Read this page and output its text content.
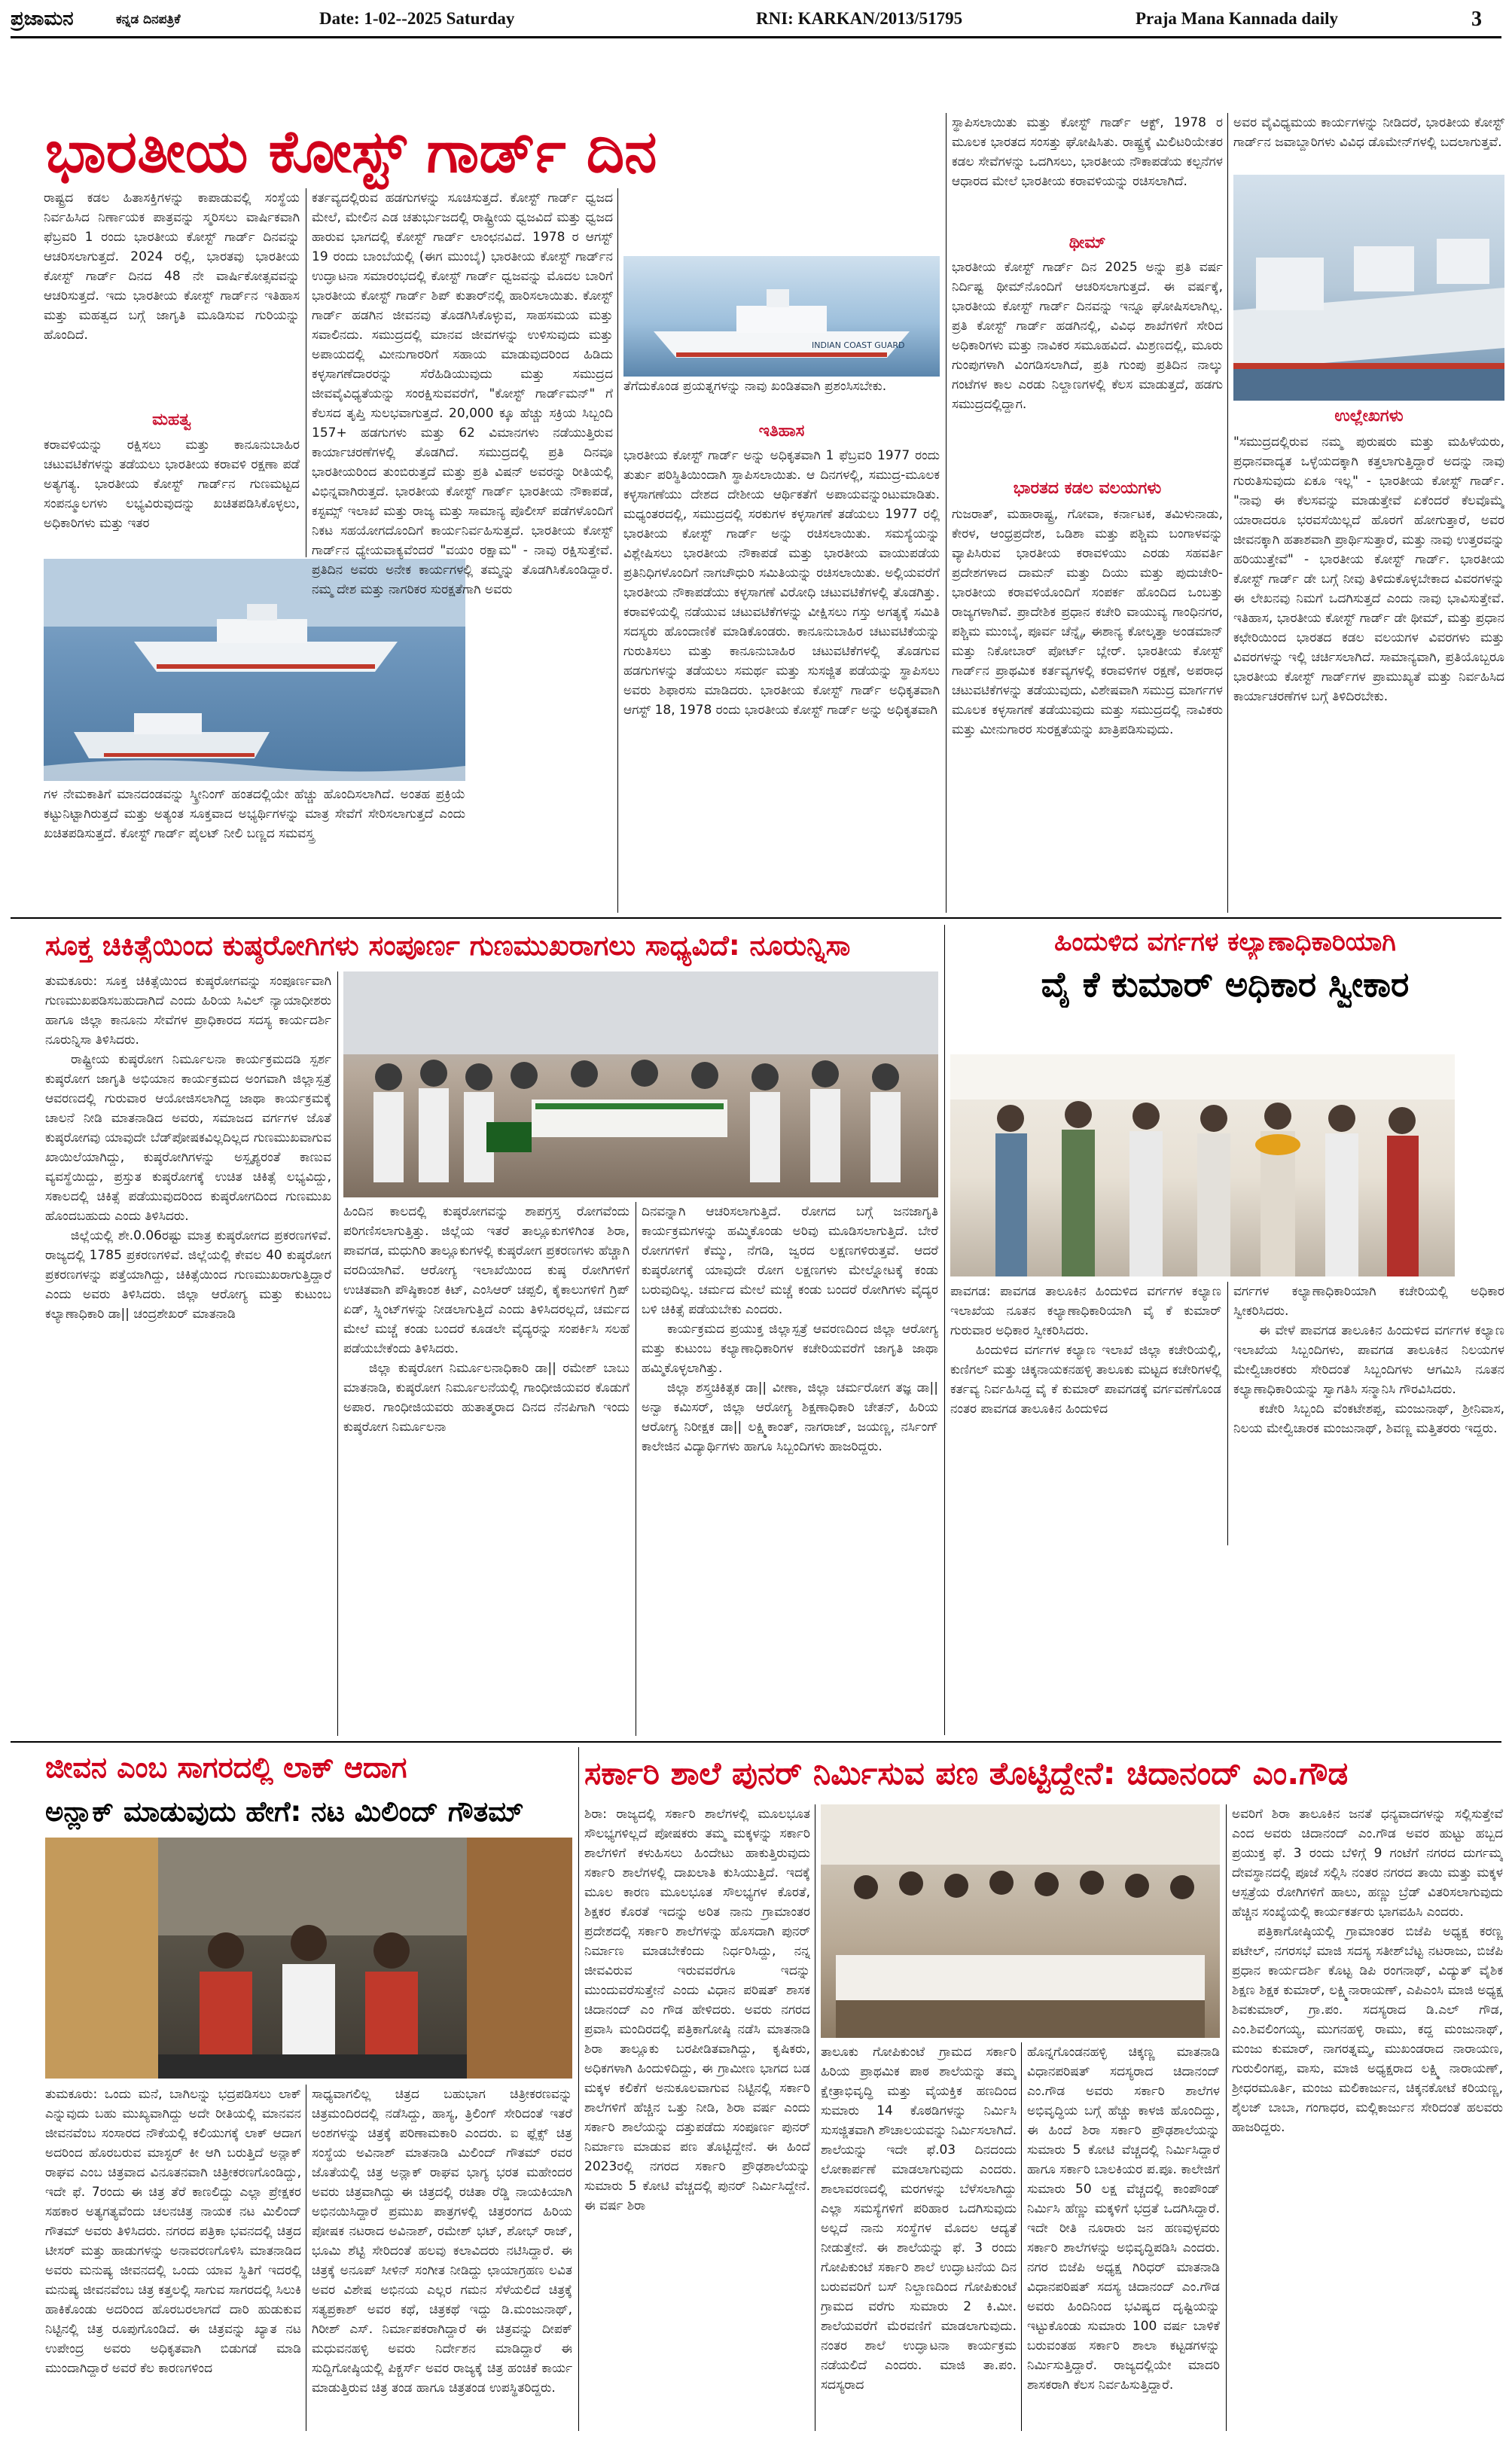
ಪ್ರಜಾಮನ	ಕನ್ನಡ ದಿನಪತ್ರಿಕೆ	Date: 1-02--2025 Saturday	RNI: KARKAN/2013/51795	Praja Mana Kannada daily	3
ಭಾರತೀಯ ಕೋಸ್ಟ್ ಗಾರ್ಡ್ ದಿನ

ರಾಷ್ಟ್ರದ ಕಡಲ ಹಿತಾಸಕ್ತಿಗಳನ್ನು ಕಾಪಾಡುವಲ್ಲಿ ಸಂಸ್ಥೆಯ ನಿರ್ವಹಿಸಿದ ನಿರ್ಣಾಯಕ ಪಾತ್ರವನ್ನು ಸ್ಮರಿಸಲು ವಾರ್ಷಿಕವಾಗಿ ಫೆಬ್ರವರಿ 1 ರಂದು ಭಾರತೀಯ ಕೋಸ್ಟ್ ಗಾರ್ಡ್ ದಿನವನ್ನು ಆಚರಿಸಲಾಗುತ್ತದೆ. 2024 ರಲ್ಲಿ, ಭಾರತವು ಭಾರತೀಯ ಕೋಸ್ಟ್ ಗಾರ್ಡ್ ದಿನದ 48 ನೇ ವಾರ್ಷಿಕೋತ್ಸವವನ್ನು ಆಚರಿಸುತ್ತದೆ. ಇದು ಭಾರತೀಯ ಕೋಸ್ಟ್ ಗಾರ್ಡ್‌ನ ಇತಿಹಾಸ ಮತ್ತು ಮಹತ್ವದ ಬಗ್ಗೆ ಜಾಗೃತಿ ಮೂಡಿಸುವ ಗುರಿಯನ್ನು ಹೊಂದಿದೆ.

ಮಹತ್ವ

ಕರಾವಳಿಯನ್ನು ರಕ್ಷಿಸಲು ಮತ್ತು ಕಾನೂನುಬಾಹಿರ ಚಟುವಟಿಕೆಗಳನ್ನು ತಡೆಯಲು ಭಾರತೀಯ ಕರಾವಳಿ ರಕ್ಷಣಾ ಪಡೆ ಅತ್ಯಗತ್ಯ. ಭಾರತೀಯ ಕೋಸ್ಟ್ ಗಾರ್ಡ್‌ನ ಗುಣಮಟ್ಟದ ಸಂಪನ್ಮೂಲಗಳು ಲಭ್ಯವಿರುವುದನ್ನು ಖಚಿತಪಡಿಸಿಕೊಳ್ಳಲು, ಅಧಿಕಾರಿಗಳು ಮತ್ತು ಇತರ

ಗಳ ನೇಮಕಾತಿಗೆ ಮಾನದಂಡವನ್ನು ಸ್ಕ್ರೀನಿಂಗ್ ಹಂತದಲ್ಲಿಯೇ ಹೆಚ್ಚು ಹೊಂದಿಸಲಾಗಿದೆ. ಅಂತಹ ಪ್ರಕ್ರಿಯೆ ಕಟ್ಟುನಿಟ್ಟಾಗಿರುತ್ತದೆ ಮತ್ತು ಅತ್ಯಂತ ಸೂಕ್ತವಾದ ಅಭ್ಯರ್ಥಿಗಳನ್ನು ಮಾತ್ರ ಸೇವೆಗೆ ಸೇರಿಸಲಾಗುತ್ತದೆ ಎಂದು ಖಚಿತಪಡಿಸುತ್ತದೆ. ಕೋಸ್ಟ್ ಗಾರ್ಡ್ ಪೈಲಟ್ ನೀಲಿ ಬಣ್ಣದ ಸಮವಸ್ತ್ರ

ಕರ್ತವ್ಯದಲ್ಲಿರುವ ಹಡಗುಗಳನ್ನು ಸೂಚಿಸುತ್ತದೆ. ಕೋಸ್ಟ್ ಗಾರ್ಡ್ ಧ್ವಜದ ಮೇಲೆ, ಮೇಲಿನ ಎಡ ಚತುರ್ಭುಜದಲ್ಲಿ ರಾಷ್ಟ್ರೀಯ ಧ್ವಜವಿದೆ ಮತ್ತು ಧ್ವಜದ ಹಾರುವ ಭಾಗದಲ್ಲಿ ಕೋಸ್ಟ್ ಗಾರ್ಡ್ ಲಾಂಛನವಿದೆ. 1978 ರ ಆಗಸ್ಟ್ 19 ರಂದು ಬಾಂಬೆಯಲ್ಲಿ (ಈಗ ಮುಂಬೈ) ಭಾರತೀಯ ಕೋಸ್ಟ್ ಗಾರ್ಡ್‌ನ ಉದ್ಘಾಟನಾ ಸಮಾರಂಭದಲ್ಲಿ ಕೋಸ್ಟ್ ಗಾರ್ಡ್ ಧ್ವಜವನ್ನು ಮೊದಲ ಬಾರಿಗೆ ಭಾರತೀಯ ಕೋಸ್ಟ್ ಗಾರ್ಡ್ ಶಿಪ್ ಕುತಾರ್‌ನಲ್ಲಿ ಹಾರಿಸಲಾಯಿತು. ಕೋಸ್ಟ್ ಗಾರ್ಡ್ ಹಡಗಿನ ಜೀವನವು ತೊಡಗಿಸಿಕೊಳ್ಳುವ, ಸಾಹಸಮಯ ಮತ್ತು ಸವಾಲಿನದು. ಸಮುದ್ರದಲ್ಲಿ ಮಾನವ ಜೀವಗಳನ್ನು ಉಳಿಸುವುದು ಮತ್ತು ಅಪಾಯದಲ್ಲಿ ಮೀನುಗಾರರಿಗೆ ಸಹಾಯ ಮಾಡುವುದರಿಂದ ಹಿಡಿದು ಕಳ್ಳಸಾಗಣೆದಾರರನ್ನು ಸೆರೆಹಿಡಿಯುವುದು ಮತ್ತು ಸಮುದ್ರದ ಜೀವವೈವಿಧ್ಯತೆಯನ್ನು ಸಂರಕ್ಷಿಸುವವರೆಗೆ, "ಕೋಸ್ಟ್ ಗಾರ್ಡ್‌ಮನ್" ಗೆ ಕೆಲಸದ ತೃಪ್ತಿ ಸುಲಭವಾಗುತ್ತದೆ. 20,000 ಕ್ಕೂ ಹೆಚ್ಚು ಸಕ್ರಿಯ ಸಿಬ್ಬಂದಿ 157+ ಹಡಗುಗಳು ಮತ್ತು 62 ವಿಮಾನಗಳು ನಡೆಯುತ್ತಿರುವ ಕಾರ್ಯಾಚರಣೆಗಳಲ್ಲಿ ತೊಡಗಿದೆ. ಸಮುದ್ರದಲ್ಲಿ ಪ್ರತಿ ದಿನವೂ ಭಾರತೀಯರಿಂದ ತುಂಬಿರುತ್ತದೆ ಮತ್ತು ಪ್ರತಿ ವಿಷನ್ ಅವರನ್ನು ರೀತಿಯಲ್ಲಿ ವಿಭಿನ್ನವಾಗಿರುತ್ತದೆ. ಭಾರತೀಯ ಕೋಸ್ಟ್ ಗಾರ್ಡ್ ಭಾರತೀಯ ನೌಕಾಪಡೆ, ಕಸ್ಟಮ್ಸ್ ಇಲಾಖೆ ಮತ್ತು ರಾಜ್ಯ ಮತ್ತು ಸಾಮಾನ್ಯ ಪೊಲೀಸ್ ಪಡೆಗಳೊಂದಿಗೆ ನಿಕಟ ಸಹಯೋಗದೊಂದಿಗೆ ಕಾರ್ಯನಿರ್ವಹಿಸುತ್ತದೆ. ಭಾರತೀಯ ಕೋಸ್ಟ್ ಗಾರ್ಡ್‌ನ ಧ್ಯೇಯವಾಕ್ಯವೆಂದರೆ "ವಯಂ ರಕ್ಷಾಮ" - ನಾವು ರಕ್ಷಿಸುತ್ತೇವೆ. ಪ್ರತಿದಿನ ಅವರು ಅನೇಕ ಕಾರ್ಯಗಳಲ್ಲಿ ತಮ್ಮನ್ನು ತೊಡಗಿಸಿಕೊಂಡಿದ್ದಾರೆ. ನಮ್ಮ ದೇಶ ಮತ್ತು ನಾಗರಿಕರ ಸುರಕ್ಷತೆಗಾಗಿ ಅವರು

INDIAN COAST GUARD

ತೆಗೆದುಕೊಂಡ ಪ್ರಯತ್ನಗಳನ್ನು ನಾವು ಖಂಡಿತವಾಗಿ ಪ್ರಶಂಸಿಸಬೇಕು.

ಇತಿಹಾಸ

ಭಾರತೀಯ ಕೋಸ್ಟ್ ಗಾರ್ಡ್ ಅನ್ನು ಅಧಿಕೃತವಾಗಿ 1 ಫೆಬ್ರವರಿ 1977 ರಂದು ತುರ್ತು ಪರಿಸ್ಥಿತಿಯಿಂದಾಗಿ ಸ್ಥಾಪಿಸಲಾಯಿತು. ಆ ದಿನಗಳಲ್ಲಿ, ಸಮುದ್ರ-ಮೂಲಕ ಕಳ್ಳಸಾಗಣೆಯು ದೇಶದ ದೇಶೀಯ ಆರ್ಥಿಕತೆಗೆ ಅಪಾಯವನ್ನುಂಟುಮಾಡಿತು. ಮಧ್ಯಂತರದಲ್ಲಿ, ಸಮುದ್ರದಲ್ಲಿ ಸರಕುಗಳ ಕಳ್ಳಸಾಗಣೆ ತಡೆಯಲು 1977 ರಲ್ಲಿ ಭಾರತೀಯ ಕೋಸ್ಟ್ ಗಾರ್ಡ್ ಅನ್ನು ರಚಿಸಲಾಯಿತು. ಸಮಸ್ಯೆಯನ್ನು ವಿಶ್ಲೇಷಿಸಲು ಭಾರತೀಯ ನೌಕಾಪಡೆ ಮತ್ತು ಭಾರತೀಯ ವಾಯುಪಡೆಯ ಪ್ರತಿನಿಧಿಗಳೊಂದಿಗೆ ನಾಗಚೌಧುರಿ ಸಮಿತಿಯನ್ನು ರಚಿಸಲಾಯಿತು. ಅಲ್ಲಿಯವರೆಗೆ ಭಾರತೀಯ ನೌಕಾಪಡೆಯು ಕಳ್ಳಸಾಗಣೆ ವಿರೋಧಿ ಚಟುವಟಿಕೆಗಳಲ್ಲಿ ತೊಡಗಿತ್ತು. ಕರಾವಳಿಯಲ್ಲಿ ನಡೆಯುವ ಚಟುವಟಿಕೆಗಳನ್ನು ವೀಕ್ಷಿಸಲು ಗಸ್ತು ಅಗತ್ಯಕ್ಕೆ ಸಮಿತಿ ಸದಸ್ಯರು ಹೊಂದಾಣಿಕೆ ಮಾಡಿಕೊಂಡರು. ಕಾನೂನುಬಾಹಿರ ಚಟುವಟಿಕೆಯನ್ನು ಗುರುತಿಸಲು ಮತ್ತು ಕಾನೂನುಬಾಹಿರ ಚಟುವಟಿಕೆಗಳಲ್ಲಿ ತೊಡಗುವ ಹಡಗುಗಳನ್ನು ತಡೆಯಲು ಸಮರ್ಥ ಮತ್ತು ಸುಸಜ್ಜಿತ ಪಡೆಯನ್ನು ಸ್ಥಾಪಿಸಲು ಅವರು ಶಿಫಾರಸು ಮಾಡಿದರು. ಭಾರತೀಯ ಕೋಸ್ಟ್ ಗಾರ್ಡ್ ಅಧಿಕೃತವಾಗಿ ಆಗಸ್ಟ್ 18, 1978 ರಂದು ಭಾರತೀಯ ಕೋಸ್ಟ್ ಗಾರ್ಡ್ ಅನ್ನು ಅಧಿಕೃತವಾಗಿ

ಸ್ಥಾಪಿಸಲಾಯಿತು ಮತ್ತು ಕೋಸ್ಟ್ ಗಾರ್ಡ್ ಆಕ್ಟ್, 1978 ರ ಮೂಲಕ ಭಾರತದ ಸಂಸತ್ತು ಘೋಷಿಸಿತು. ರಾಷ್ಟ್ರಕ್ಕೆ ಮಿಲಿಟರಿಯೇತರ ಕಡಲ ಸೇವೆಗಳನ್ನು ಒದಗಿಸಲು, ಭಾರತೀಯ ನೌಕಾಪಡೆಯ ಕಲ್ಪನೆಗಳ ಆಧಾರದ ಮೇಲೆ ಭಾರತೀಯ ಕರಾವಳಿಯನ್ನು ರಚಿಸಲಾಗಿದೆ.

ಥೀಮ್

ಭಾರತೀಯ ಕೋಸ್ಟ್ ಗಾರ್ಡ್ ದಿನ 2025 ಅನ್ನು ಪ್ರತಿ ವರ್ಷ ನಿರ್ದಿಷ್ಟ ಥೀಮ್‌ನೊಂದಿಗೆ ಆಚರಿಸಲಾಗುತ್ತದೆ. ಈ ವರ್ಷಕ್ಕೆ, ಭಾರತೀಯ ಕೋಸ್ಟ್ ಗಾರ್ಡ್ ದಿನವನ್ನು ಇನ್ನೂ ಘೋಷಿಸಲಾಗಿಲ್ಲ. ಪ್ರತಿ ಕೋಸ್ಟ್ ಗಾರ್ಡ್ ಹಡಗಿನಲ್ಲಿ, ವಿವಿಧ ಶಾಖೆಗಳಿಗೆ ಸೇರಿದ ಅಧಿಕಾರಿಗಳು ಮತ್ತು ನಾವಿಕರ ಸಮೂಹವಿದೆ. ಮಿಶ್ರಣದಲ್ಲಿ, ಮೂರು ಗುಂಪುಗಳಾಗಿ ವಿಂಗಡಿಸಲಾಗಿದೆ, ಪ್ರತಿ ಗುಂಪು ಪ್ರತಿದಿನ ನಾಲ್ಕು ಗಂಟೆಗಳ ಕಾಲ ಎರಡು ನಿಲ್ದಾಣಗಳಲ್ಲಿ ಕೆಲಸ ಮಾಡುತ್ತದೆ, ಹಡಗು ಸಮುದ್ರದಲ್ಲಿದ್ದಾಗ.

ಭಾರತದ ಕಡಲ ವಲಯಗಳು

ಗುಜರಾತ್, ಮಹಾರಾಷ್ಟ್ರ, ಗೋವಾ, ಕರ್ನಾಟಕ, ತಮಿಳುನಾಡು, ಕೇರಳ, ಆಂಧ್ರಪ್ರದೇಶ, ಒಡಿಶಾ ಮತ್ತು ಪಶ್ಚಿಮ ಬಂಗಾಳವನ್ನು ವ್ಯಾಪಿಸಿರುವ ಭಾರತೀಯ ಕರಾವಳಿಯು ಎರಡು ಸಹವರ್ತಿ ಪ್ರದೇಶಗಳಾದ ದಾಮನ್ ಮತ್ತು ದಿಯು ಮತ್ತು ಪುದುಚೇರಿ- ಭಾರತೀಯ ಕರಾವಳಿಯೊಂದಿಗೆ ಸಂಪರ್ಕ ಹೊಂದಿದ ಒಂಬತ್ತು ರಾಜ್ಯಗಳಾಗಿವೆ. ಪ್ರಾದೇಶಿಕ ಪ್ರಧಾನ ಕಚೇರಿ ವಾಯುವ್ಯ ಗಾಂಧಿನಗರ, ಪಶ್ಚಿಮ ಮುಂಬೈ, ಪೂರ್ವ ಚೆನ್ನೈ, ಈಶಾನ್ಯ ಕೋಲ್ಕತ್ತಾ ಅಂಡಮಾನ್ ಮತ್ತು ನಿಕೋಬಾರ್ ಪೋರ್ಟ್ ಬ್ಲೇರ್. ಭಾರತೀಯ ಕೋಸ್ಟ್ ಗಾರ್ಡ್‌ನ ಪ್ರಾಥಮಿಕ ಕರ್ತವ್ಯಗಳಲ್ಲಿ ಕರಾವಳಿಗಳ ರಕ್ಷಣೆ, ಅಪರಾಧ ಚಟುವಟಿಕೆಗಳನ್ನು ತಡೆಯುವುದು, ವಿಶೇಷವಾಗಿ ಸಮುದ್ರ ಮಾರ್ಗಗಳ ಮೂಲಕ ಕಳ್ಳಸಾಗಣೆ ತಡೆಯುವುದು ಮತ್ತು ಸಮುದ್ರದಲ್ಲಿ ನಾವಿಕರು ಮತ್ತು ಮೀನುಗಾರರ ಸುರಕ್ಷತೆಯನ್ನು ಖಾತ್ರಿಪಡಿಸುವುದು.

ಅವರ ವೈವಿಧ್ಯಮಯ ಕಾರ್ಯಗಳನ್ನು ನೀಡಿದರೆ, ಭಾರತೀಯ ಕೋಸ್ಟ್ ಗಾರ್ಡ್‌ನ ಜವಾಬ್ದಾರಿಗಳು ವಿವಿಧ ಡೊಮೇನ್‌ಗಳಲ್ಲಿ ಬದಲಾಗುತ್ತವೆ.

ಉಲ್ಲೇಖಗಳು

"ಸಮುದ್ರದಲ್ಲಿರುವ ನಮ್ಮ ಪುರುಷರು ಮತ್ತು ಮಹಿಳೆಯರು, ಪ್ರಧಾನವಾದ್ಯತ ಒಳ್ಳೆಯದಕ್ಕಾಗಿ ಕತ್ತಲಾಗುತ್ತಿದ್ದಾರೆ ಅದನ್ನು ನಾವು ಗುರುತಿಸುವುದು ಏಕೂ ಇಲ್ಲ" - ಭಾರತೀಯ ಕೋಸ್ಟ್ ಗಾರ್ಡ್. "ನಾವು ಈ ಕೆಲಸವನ್ನು ಮಾಡುತ್ತೇವೆ ಏಕೆಂದರೆ ಕೆಲವೊಮ್ಮೆ ಯಾರಾದರೂ ಭರವಸೆಯಿಲ್ಲದೆ ಹೊರಗೆ ಹೋಗುತ್ತಾರೆ, ಅವರ ಜೀವನಕ್ಕಾಗಿ ಹತಾಶವಾಗಿ ಪ್ರಾರ್ಥಿಸುತ್ತಾರೆ, ಮತ್ತು ನಾವು ಉತ್ತರವನ್ನು ಹರಿಯುತ್ತೇವೆ" - ಭಾರತೀಯ ಕೋಸ್ಟ್ ಗಾರ್ಡ್. ಭಾರತೀಯ ಕೋಸ್ಟ್ ಗಾರ್ಡ್ ಡೇ ಬಗ್ಗೆ ನೀವು ತಿಳಿದುಕೊಳ್ಳಬೇಕಾದ ವಿವರಗಳನ್ನು ಈ ಲೇಖನವು ನಿಮಗೆ ಒದಗಿಸುತ್ತದೆ ಎಂದು ನಾವು ಭಾವಿಸುತ್ತೇವೆ. ಇತಿಹಾಸ, ಭಾರತೀಯ ಕೋಸ್ಟ್ ಗಾರ್ಡ್ ಡೇ ಥೀಮ್, ಮತ್ತು ಪ್ರಧಾನ ಕಛೇರಿಯಿಂದ ಭಾರತದ ಕಡಲ ವಲಯಗಳ ವಿವರಗಳು ಮತ್ತು ವಿವರಗಳನ್ನು ಇಲ್ಲಿ ಚರ್ಚಿಸಲಾಗಿದೆ. ಸಾಮಾನ್ಯವಾಗಿ, ಪ್ರತಿಯೊಬ್ಬರೂ ಭಾರತೀಯ ಕೋಸ್ಟ್ ಗಾರ್ಡ್‌ಗಳ ಪ್ರಾಮುಖ್ಯತೆ ಮತ್ತು ನಿರ್ವಹಿಸಿದ ಕಾರ್ಯಾಚರಣೆಗಳ ಬಗ್ಗೆ ತಿಳಿದಿರಬೇಕು.

ಸೂಕ್ತ ಚಿಕಿತ್ಸೆಯಿಂದ ಕುಷ್ಠರೋಗಿಗಳು ಸಂಪೂರ್ಣ ಗುಣಮುಖರಾಗಲು ಸಾಧ್ಯವಿದೆ: ನೂರುನ್ನಿಸಾ

ತುಮಕೂರು: ಸೂಕ್ತ ಚಿಕಿತ್ಸೆಯಿಂದ ಕುಷ್ಠರೋಗವನ್ನು ಸಂಪೂರ್ಣವಾಗಿ ಗುಣಮುಖಪಡಿಸಬಹುದಾಗಿದೆ ಎಂದು ಹಿರಿಯ ಸಿವಿಲ್ ನ್ಯಾಯಾಧೀಶರು ಹಾಗೂ ಜಿಲ್ಲಾ ಕಾನೂನು ಸೇವೆಗಳ ಪ್ರಾಧಿಕಾರದ ಸದಸ್ಯ ಕಾರ್ಯದರ್ಶಿ ನೂರುನ್ನಿಸಾ ತಿಳಿಸಿದರು.

ರಾಷ್ಟ್ರೀಯ ಕುಷ್ಠರೋಗ ನಿರ್ಮೂಲನಾ ಕಾರ್ಯಕ್ರಮದಡಿ ಸ್ಪರ್ಶ ಕುಷ್ಠರೋಗ ಜಾಗೃತಿ ಅಭಿಯಾನ ಕಾರ್ಯಕ್ರಮದ ಅಂಗವಾಗಿ ಜಿಲ್ಲಾಸ್ಪತ್ರೆ ಆವರಣದಲ್ಲಿ ಗುರುವಾರ ಆಯೋಜಿಸಲಾಗಿದ್ದ ಜಾಥಾ ಕಾರ್ಯಕ್ರಮಕ್ಕೆ ಚಾಲನೆ ನೀಡಿ ಮಾತನಾಡಿದ ಅವರು, ಸಮಾಜದ ವರ್ಗಗಳ ಜೊತೆ ಕುಷ್ಠರೋಗವು ಯಾವುದೇ ಬೆಡ್‌ಪೋಷಕವಿಲ್ಲದಿಲ್ಲದ ಗುಣಮುಖವಾಗುವ ಖಾಯಿಲೆಯಾಗಿದ್ದು, ಕುಷ್ಠರೋಗಿಗಳನ್ನು ಅಸ್ಪೃಶ್ಯರಂತೆ ಕಾಣುವ ವ್ಯವಸ್ಥೆಯಿದ್ದು, ಪ್ರಸ್ತುತ ಕುಷ್ಠರೋಗಕ್ಕೆ ಉಚಿತ ಚಿಕಿತ್ಸೆ ಲಭ್ಯವಿದ್ದು, ಸಕಾಲದಲ್ಲಿ ಚಿಕಿತ್ಸೆ ಪಡೆಯುವುದರಿಂದ ಕುಷ್ಠರೋಗದಿಂದ ಗುಣಮುಖ ಹೊಂದಬಹುದು ಎಂದು ತಿಳಿಸಿದರು.

ಜಿಲ್ಲೆಯಲ್ಲಿ ಶೇ.0.06ರಷ್ಟು ಮಾತ್ರ ಕುಷ್ಠರೋಗದ ಪ್ರಕರಣಗಳಿವೆ. ರಾಜ್ಯದಲ್ಲಿ 1785 ಪ್ರಕರಣಗಳಿವೆ. ಜಿಲ್ಲೆಯಲ್ಲಿ ಕೇವಲ 40 ಕುಷ್ಠರೋಗ ಪ್ರಕರಣಗಳನ್ನು ಪತ್ತೆಯಾಗಿದ್ದು, ಚಿಕಿತ್ಸೆಯಿಂದ ಗುಣಮುಖರಾಗುತ್ತಿದ್ದಾರೆ ಎಂದು ಅವರು ತಿಳಿಸಿದರು. ಜಿಲ್ಲಾ ಆರೋಗ್ಯ ಮತ್ತು ಕುಟುಂಬ ಕಲ್ಯಾಣಾಧಿಕಾರಿ ಡಾ|| ಚಂದ್ರಶೇಖರ್ ಮಾತನಾಡಿ

ಹಿಂದಿನ ಕಾಲದಲ್ಲಿ ಕುಷ್ಠರೋಗವನ್ನು ಶಾಪಗ್ರಸ್ತ ರೋಗವೆಂದು ಪರಿಗಣಿಸಲಾಗುತ್ತಿತ್ತು. ಜಿಲ್ಲೆಯ ಇತರೆ ತಾಲ್ಲೂಕುಗಳಿಗಿಂತ ಶಿರಾ, ಪಾವಗಡ, ಮಧುಗಿರಿ ತಾಲ್ಲೂಕುಗಳಲ್ಲಿ ಕುಷ್ಠರೋಗ ಪ್ರಕರಣಗಳು ಹೆಚ್ಚಾಗಿ ವರದಿಯಾಗಿವೆ. ಆರೋಗ್ಯ ಇಲಾಖೆಯಿಂದ ಕುಷ್ಠ ರೋಗಿಗಳಿಗೆ ಉಚಿತವಾಗಿ ಪೌಷ್ಠಿಕಾಂಶ ಕಿಟ್, ಎಂಸಿಆರ್ ಚಪ್ಪಲಿ, ಕೈಕಾಲುಗಳಿಗೆ ಗ್ರಿಪ್ ಏಡ್, ಸ್ಪ್ಲಿಂಟ್‌ಗಳನ್ನು ನೀಡಲಾಗುತ್ತಿದೆ ಎಂದು ತಿಳಿಸಿದರಲ್ಲದೆ, ಚರ್ಮದ ಮೇಲೆ ಮಚ್ಚೆ ಕಂಡು ಬಂದರೆ ಕೂಡಲೇ ವೈದ್ಯರನ್ನು ಸಂಪರ್ಕಿಸಿ ಸಲಹೆ ಪಡೆಯಬೇಕೆಂದು ತಿಳಿಸಿದರು.

ಜಿಲ್ಲಾ ಕುಷ್ಠರೋಗ ನಿರ್ಮೂಲನಾಧಿಕಾರಿ ಡಾ|| ರಮೇಶ್ ಬಾಬು ಮಾತನಾಡಿ, ಕುಷ್ಠರೋಗ ನಿರ್ಮೂಲನೆಯಲ್ಲಿ ಗಾಂಧೀಜಿಯವರ ಕೊಡುಗೆ ಅಪಾರ. ಗಾಂಧೀಜಿಯವರು ಹುತಾತ್ಮರಾದ ದಿನದ ನೆನಪಿಗಾಗಿ ಇಂದು ಕುಷ್ಠರೋಗ ನಿರ್ಮೂಲನಾ

ದಿನವನ್ನಾಗಿ ಆಚರಿಸಲಾಗುತ್ತಿದೆ. ರೋಗದ ಬಗ್ಗೆ ಜನಜಾಗೃತಿ ಕಾರ್ಯಕ್ರಮಗಳನ್ನು ಹಮ್ಮಿಕೊಂಡು ಅರಿವು ಮೂಡಿಸಲಾಗುತ್ತಿದೆ. ಬೇರೆ ರೋಗಗಳಿಗೆ ಕೆಮ್ಮು, ನೆಗಡಿ, ಜ್ವರದ ಲಕ್ಷಣಗಳಿರುತ್ತವೆ. ಆದರೆ ಕುಷ್ಠರೋಗಕ್ಕೆ ಯಾವುದೇ ರೋಗ ಲಕ್ಷಣಗಳು ಮೇಲ್ನೋಟಕ್ಕೆ ಕಂಡು ಬರುವುದಿಲ್ಲ. ಚರ್ಮದ ಮೇಲೆ ಮಚ್ಚೆ ಕಂಡು ಬಂದರೆ ರೋಗಿಗಳು ವೈದ್ಯರ ಬಳಿ ಚಿಕಿತ್ಸೆ ಪಡೆಯಬೇಕು ಎಂದರು.

ಕಾರ್ಯಕ್ರಮದ ಪ್ರಯುಕ್ತ ಜಿಲ್ಲಾಸ್ಪತ್ರೆ ಆವರಣದಿಂದ ಜಿಲ್ಲಾ ಆರೋಗ್ಯ ಮತ್ತು ಕುಟುಂಬ ಕಲ್ಯಾಣಾಧಿಕಾರಿಗಳ ಕಚೇರಿಯವರೆಗೆ ಜಾಗೃತಿ ಜಾಥಾ ಹಮ್ಮಿಕೊಳ್ಳಲಾಗಿತ್ತು.

ಜಿಲ್ಲಾ ಶಸ್ತ್ರಚಿಕಿತ್ಸಕ ಡಾ|| ವೀಣಾ, ಜಿಲ್ಲಾ ಚರ್ಮರೋಗ ತಜ್ಞ ಡಾ|| ಅನ್ವಾ ಕಮಿಸರ್, ಜಿಲ್ಲಾ ಆರೋಗ್ಯ ಶಿಕ್ಷಣಾಧಿಕಾರಿ ಚೇತನ್, ಹಿರಿಯ ಆರೋಗ್ಯ ನಿರೀಕ್ಷಕ ಡಾ|| ಲಕ್ಷ್ಮಿಕಾಂತ್, ನಾಗರಾಜ್, ಜಯಣ್ಣ, ನರ್ಸಿಂಗ್ ಕಾಲೇಜಿನ ವಿದ್ಯಾರ್ಥಿಗಳು ಹಾಗೂ ಸಿಬ್ಬಂದಿಗಳು ಹಾಜರಿದ್ದರು.

ಹಿಂದುಳಿದ ವರ್ಗಗಳ ಕಲ್ಯಾಣಾಧಿಕಾರಿಯಾಗಿ
ವೈ ಕೆ ಕುಮಾರ್ ಅಧಿಕಾರ ಸ್ವೀಕಾರ

ಪಾವಗಡ: ಪಾವಗಡ ತಾಲೂಕಿನ ಹಿಂದುಳಿದ ವರ್ಗಗಳ ಕಲ್ಯಾಣ ಇಲಾಖೆಯ ನೂತನ ಕಲ್ಯಾಣಾಧಿಕಾರಿಯಾಗಿ ವೈ ಕೆ ಕುಮಾರ್ ಗುರುವಾರ ಅಧಿಕಾರ ಸ್ವೀಕರಿಸಿದರು.

ಹಿಂದುಳಿದ ವರ್ಗಗಳ ಕಲ್ಯಾಣ ಇಲಾಖೆ ಜಿಲ್ಲಾ ಕಚೇರಿಯಲ್ಲಿ, ಕುಣಿಗಲ್ ಮತ್ತು ಚಿಕ್ಕನಾಯಕನಹಳ್ಳಿ ತಾಲೂಕು ಮಟ್ಟದ ಕಚೇರಿಗಳಲ್ಲಿ ಕರ್ತವ್ಯ ನಿರ್ವಹಿಸಿದ್ದ ವೈ ಕೆ ಕುಮಾರ್ ಪಾವಗಡಕ್ಕೆ ವರ್ಗವಣೆಗೊಂಡ ನಂತರ ಪಾವಗಡ ತಾಲೂಕಿನ ಹಿಂದುಳಿದ

ವರ್ಗಗಳ ಕಲ್ಯಾಣಾಧಿಕಾರಿಯಾಗಿ ಕಚೇರಿಯಲ್ಲಿ ಅಧಿಕಾರ ಸ್ವೀಕರಿಸಿದರು.

ಈ ವೇಳೆ ಪಾವಗಡ ತಾಲೂಕಿನ ಹಿಂದುಳಿದ ವರ್ಗಗಳ ಕಲ್ಯಾಣ ಇಲಾಖೆಯ ಸಿಬ್ಬಂದಿಗಳು, ಪಾವಗಡ ತಾಲೂಕಿನ ನಿಲಯಗಳ ಮೇಲ್ವಿಚಾರಕರು ಸೇರಿದಂತೆ ಸಿಬ್ಬಂದಿಗಳು ಆಗಮಿಸಿ ನೂತನ ಕಲ್ಯಾಣಾಧಿಕಾರಿಯನ್ನು ಸ್ವಾಗತಿಸಿ ಸನ್ಮಾನಿಸಿ ಗೌರವಿಸಿದರು.

ಕಚೇರಿ ಸಿಬ್ಬಂದಿ ವೆಂಕಟೇಶಪ್ಪ, ಮಂಜುನಾಥ್, ಶ್ರೀನಿವಾಸ, ನಿಲಯ ಮೇಲ್ವಿಚಾರಕ ಮಂಜುನಾಥ್, ಶಿವಣ್ಣ ಮತ್ತಿತರರು ಇದ್ದರು.

ಜೀವನ ಎಂಬ ಸಾಗರದಲ್ಲಿ ಲಾಕ್ ಆದಾಗ
ಅನ್ಲಾಕ್ ಮಾಡುವುದು ಹೇಗೆ: ನಟ ಮಿಲಿಂದ್ ಗೌತಮ್

ತುಮಕೂರು: ಒಂದು ಮನೆ, ಬಾಗಿಲನ್ನು ಭದ್ರಪಡಿಸಲು ಲಾಕ್ ಎನ್ನುವುದು ಬಹು ಮುಖ್ಯವಾಗಿದ್ದು ಅದೇ ರೀತಿಯಲ್ಲಿ ಮಾನವನ ಜೀವನವೆಂಬ ಸಂಸಾರದ ನೌಕೆಯಲ್ಲಿ ಕಲಿಯುಗಕ್ಕೆ ಲಾಕ್ ಆದಾಗ ಅದರಿಂದ ಹೊರಬರುವ ಮಾಸ್ಟರ್ ಕೀ ಆಗಿ ಬರುತ್ತಿದೆ ಅನ್ಲಾಕ್ ರಾಘವ ಎಂಬ ಚಿತ್ರವಾದ ವಿನೂತನವಾಗಿ ಚಿತ್ರೀಕರಣಗೊಂಡಿದ್ದು, ಇದೇ ಫೆ. 7ರಂದು ಈ ಚಿತ್ರ ತೆರೆ ಕಾಣಲಿದ್ದು ಎಲ್ಲಾ ಪ್ರೇಕ್ಷಕರ ಸಹಕಾರ ಅತ್ಯಗತ್ಯವೆಂದು ಚಲನಚಿತ್ರ ನಾಯಕ ನಟ ಮಿಲಿಂದ್ ಗೌತಮ್ ಅವರು ತಿಳಿಸಿದರು. ನಗರದ ಪತ್ರಿಕಾ ಭವನದಲ್ಲಿ ಚಿತ್ರದ ಟೀಸರ್ ಮತ್ತು ಹಾಡುಗಳನ್ನು ಅನಾವರಣಗೊಳಿಸಿ ಮಾತನಾಡಿದ ಅವರು ಮನುಷ್ಯ ಜೀವನದಲ್ಲಿ ಒಂದು ಯಾವ ಸ್ಥಿತಿಗೆ ಇದರಲ್ಲಿ ಮನುಷ್ಯ ಜೀವನವೆಂಬ ಚಿತ್ರ ಕತ್ತಲಲ್ಲಿ ಸಾಗುವ ಸಾಗರದಲ್ಲಿ ಸಿಲುಕಿ ಹಾಕಿಕೊಂಡು ಅದರಿಂದ ಹೊರಬರಲಾಗದೆ ದಾರಿ ಹುಡುಕುವ ನಿಟ್ಟಿನಲ್ಲಿ ಚಿತ್ರ ರೂಪುಗೊಂಡಿದೆ. ಈ ಚಿತ್ರವನ್ನು ಖ್ಯಾತ ನಟ ಉಪೇಂದ್ರ ಅವರು ಅಧಿಕೃತವಾಗಿ ಬಿಡುಗಡೆ ಮಾಡಿ ಮುಂದಾಗಿದ್ದಾರೆ ಅವರೆ ಕೆಲ ಕಾರಣಗಳಿಂದ

ಸಾಧ್ಯವಾಗಲಿಲ್ಲ ಚಿತ್ರದ ಬಹುಭಾಗ ಚಿತ್ರೀಕರಣವನ್ನು ಚಿತ್ರಮಂದಿರದಲ್ಲಿ ನಡೆಸಿದ್ದು, ಹಾಸ್ಯ, ತ್ರಿಲಿಂಗ್ ಸೇರಿದಂತೆ ಇತರೆ ಅಂಶಗಳನ್ನು ಚಿತ್ರಕ್ಕೆ ಪರಿಣಾಮಕಾರಿ ಎಂದರು. ಐ ಫ್ಲೆಕ್ಸ್ ಚಿತ್ರ ಸಂಸ್ಥೆಯ ಅವಿನಾಶ್ ಮಾತನಾಡಿ ಮಿಲಿಂದ್ ಗೌತಮ್ ರವರ ಜೊತೆಯಲ್ಲಿ ಚಿತ್ರ ಅನ್ಲಾಕ್ ರಾಘವ ಭಾಗ್ಯ ಭರತ ಮಹೇಂದರ ಅವರು ಚಿತ್ರವಾಗಿದ್ದು ಈ ಚಿತ್ರದಲ್ಲಿ ರಚಿತಾ ರೆಡ್ಡಿ ನಾಯಕಿಯಾಗಿ ಅಭಿನಯಿಸಿದ್ದಾರೆ ಪ್ರಮುಖ ಪಾತ್ರಗಳಲ್ಲಿ ಚಿತ್ರರಂಗದ ಹಿರಿಯ ಪೋಷಕ ನಟರಾದ ಅವಿನಾಶ್, ರಮೇಶ್ ಭಟ್, ಶೋಭ್ ರಾಜ್, ಭೂಮಿ ಶೆಟ್ಟಿ ಸೇರಿದಂತೆ ಹಲವು ಕಲಾವಿದರು ನಟಿಸಿದ್ದಾರೆ. ಈ ಚಿತ್ರಕ್ಕೆ ಅನೂಪ್ ಸೀಳಿನ್ ಸಂಗೀತ ನೀಡಿದ್ದು ಛಾಯಾಗ್ರಹಣ ಲವಿತ ಅವರ ವಿಶೇಷ ಅಭಿನಯ ಎಲ್ಲರ ಗಮನ ಸೆಳೆಯಲಿದೆ ಚಿತ್ರಕ್ಕೆ ಸತ್ಯಪ್ರಕಾಶ್ ಅವರ ಕಥೆ, ಚಿತ್ರಕಥೆ ಇದ್ದು ಡಿ.ಮಂಜುನಾಥ್, ಗಿರೀಶ್ ಎಸ್. ನಿರ್ಮಾಪಕರಾಗಿದ್ದಾರೆ ಈ ಚಿತ್ರವನ್ನು ದೀಪಕ್ ಮಧುವನಹಳ್ಳಿ ಅವರು ನಿರ್ದೇಶನ ಮಾಡಿದ್ದಾರೆ ಈ ಸುದ್ದಿಗೋಷ್ಠಿಯಲ್ಲಿ ಪಿಕ್ಚರ್ಸ್ ಅವರ ರಾಜ್ಯಕ್ಕೆ ಚಿತ್ರ ಹಂಚಿಕೆ ಕಾರ್ಯ ಮಾಡುತ್ತಿರುವ ಚಿತ್ರ ತಂಡ ಹಾಗೂ ಚಿತ್ರತಂಡ ಉಪಸ್ಥಿತರಿದ್ದರು.

ಸರ್ಕಾರಿ ಶಾಲೆ ಪುನರ್ ನಿರ್ಮಿಸುವ ಪಣ ತೊಟ್ಟಿದ್ದೇನೆ: ಚಿದಾನಂದ್ ಎಂ.ಗೌಡ

ಶಿರಾ: ರಾಜ್ಯದಲ್ಲಿ ಸರ್ಕಾರಿ ಶಾಲೆಗಳಲ್ಲಿ ಮೂಲಭೂತ ಸೌಲಭ್ಯಗಳಿಲ್ಲದೆ ಪೋಷಕರು ತಮ್ಮ ಮಕ್ಕಳನ್ನು ಸರ್ಕಾರಿ ಶಾಲೆಗಳಿಗೆ ಕಳುಹಿಸಲು ಹಿಂದೇಟು ಹಾಕುತ್ತಿರುವುದು ಸರ್ಕಾರಿ ಶಾಲೆಗಳಲ್ಲಿ ದಾಖಲಾತಿ ಕುಸಿಯುತ್ತಿದೆ. ಇದಕ್ಕೆ ಮೂಲ ಕಾರಣ ಮೂಲಭೂತ ಸೌಲಭ್ಯಗಳ ಕೊರತೆ, ಶಿಕ್ಷಕರ ಕೊರತೆ ಇದನ್ನು ಅರಿತ ನಾನು ಗ್ರಾಮಾಂತರ ಪ್ರದೇಶದಲ್ಲಿ ಸರ್ಕಾರಿ ಶಾಲೆಗಳನ್ನು ಹೊಸದಾಗಿ ಪುನರ್ ನಿರ್ಮಾಣ ಮಾಡಬೇಕೆಂದು ನಿರ್ಧರಿಸಿದ್ದು, ನನ್ನ ಜೀವವಿರುವ ಇರುವವರೆಗೂ ಇದನ್ನು ಮುಂದುವರೆಸುತ್ತೇನೆ ಎಂದು ವಿಧಾನ ಪರಿಷತ್ ಶಾಸಕ ಚಿದಾನಂದ್ ಎಂ ಗೌಡ ಹೇಳಿದರು. ಅವರು ನಗರದ ಪ್ರವಾಸಿ ಮಂದಿರದಲ್ಲಿ ಪತ್ರಿಕಾಗೋಷ್ಠಿ ನಡೆಸಿ ಮಾತನಾಡಿ ಶಿರಾ ತಾಲ್ಲೂಕು ಬರಪೀಡಿತವಾಗಿದ್ದು, ಕೃಷಿಕರು, ಅಧಿಕಗಳಾಗಿ ಹಿಂದುಳಿದಿದ್ದು, ಈ ಗ್ರಾಮೀಣ ಭಾಗದ ಬಡ ಮಕ್ಕಳ ಕಲಿಕೆಗೆ ಅನುಕೂಲವಾಗುವ ನಿಟ್ಟಿನಲ್ಲಿ ಸರ್ಕಾರಿ ಶಾಲೆಗಳಿಗೆ ಹೆಚ್ಚಿನ ಒತ್ತು ನೀಡಿ, ಶಿರಾ ವರ್ಷ ಎಂದು ಸರ್ಕಾರಿ ಶಾಲೆಯನ್ನು ದತ್ತುಪಡೆದು ಸಂಪೂರ್ಣ ಪುನರ್ ನಿರ್ಮಾಣ ಮಾಡುವ ಪಣ ತೊಟ್ಟಿದ್ದೇನೆ. ಈ ಹಿಂದೆ 2023ರಲ್ಲಿ ನಗರದ ಸರ್ಕಾರಿ ಪ್ರೌಢಶಾಲೆಯನ್ನು ಸುಮಾರು 5 ಕೋಟಿ ವೆಚ್ಚದಲ್ಲಿ ಪುನರ್ ನಿರ್ಮಿಸಿದ್ದೇನೆ. ಈ ವರ್ಷ ಶಿರಾ

ತಾಲೂಕು ಗೋಪಿಕುಂಟೆ ಗ್ರಾಮದ ಸರ್ಕಾರಿ ಹಿರಿಯ ಪ್ರಾಥಮಿಕ ಪಾಠ ಶಾಲೆಯನ್ನು ತಮ್ಮ ಕ್ಷೇತ್ರಾಭಿವೃದ್ಧಿ ಮತ್ತು ವೈಯಕ್ತಿಕ ಹಣದಿಂದ ಸುಮಾರು 14 ಕೊಠಡಿಗಳನ್ನು ನಿರ್ಮಿಸಿ ಸುಸಜ್ಜಿತವಾಗಿ ಶೌಚಾಲಯವನ್ನು ನಿರ್ಮಿಸಲಾಗಿದೆ. ಶಾಲೆಯನ್ನು ಇದೇ ಫೆ.03 ದಿನದಂದು ಲೋಕಾರ್ಪಣೆ ಮಾಡಲಾಗುವುದು ಎಂದರು. ಶಾಲಾವರಣದಲ್ಲಿ ಮರಗಳನ್ನು ಬೆಳೆಸಲಾಗಿದ್ದು ಎಲ್ಲಾ ಸಮಸ್ಯೆಗಳಿಗೆ ಪರಿಹಾರ ಒದಗಿಸುವುದು ಅಲ್ಲದೆ ನಾನು ಸಂಸ್ಥೆಗಳ ಮೊದಲ ಆದ್ಯತೆ ನೀಡುತ್ತೇನೆ. ಈ ಶಾಲೆಯನ್ನು ಫೆ. 3 ರಂದು ಗೋಪಿಕುಂಟೆ ಸರ್ಕಾರಿ ಶಾಲೆ ಉದ್ಘಾಟನೆಯ ದಿನ ಬರುವವರಿಗೆ ಬಸ್ ನಿಲ್ದಾಣದಿಂದ ಗೋಪಿಕುಂಟೆ ಗ್ರಾಮದ ವರೆಗು ಸುಮಾರು 2 ಕಿ.ಮೀ. ಶಾಲೆಯವರೆಗೆ ಮೆರವಣಿಗೆ ಮಾಡಲಾಗುವುದು. ನಂತರ ಶಾಲೆ ಉದ್ಘಾಟನಾ ಕಾರ್ಯಕ್ರಮ ನಡೆಯಲಿದೆ ಎಂದರು. ಮಾಜಿ ತಾ.ಪಂ. ಸದಸ್ಯರಾದ

ಹೊನ್ನಗೊಂಡನಹಳ್ಳಿ ಚಿಕ್ಕಣ್ಣ ಮಾತನಾಡಿ ವಿಧಾನಪರಿಷತ್ ಸದಸ್ಯರಾದ ಚಿದಾನಂದ್ ಎಂ.ಗೌಡ ಅವರು ಸರ್ಕಾರಿ ಶಾಲೆಗಳ ಅಭಿವೃದ್ಧಿಯ ಬಗ್ಗೆ ಹೆಚ್ಚು ಕಾಳಜಿ ಹೊಂದಿದ್ದು, ಈ ಹಿಂದೆ ಶಿರಾ ಸರ್ಕಾರಿ ಪ್ರೌಢಶಾಲೆಯನ್ನು ಸುಮಾರು 5 ಕೋಟಿ ವೆಚ್ಚದಲ್ಲಿ ನಿರ್ಮಿಸಿದ್ದಾರೆ ಹಾಗೂ ಸರ್ಕಾರಿ ಬಾಲಕಿಯರ ಪ.ಪೂ. ಕಾಲೇಜಿಗೆ ಸುಮಾರು 50 ಲಕ್ಷ ವೆಚ್ಚದಲ್ಲಿ ಕಾಂಪೌಂಡ್ ನಿರ್ಮಿಸಿ ಹೆಣ್ಣು ಮಕ್ಕಳಿಗೆ ಭದ್ರತೆ ಒದಗಿಸಿದ್ದಾರೆ. ಇದೇ ರೀತಿ ನೂರಾರು ಜನ ಹಣವುಳ್ಳವರು ಸರ್ಕಾರಿ ಶಾಲೆಗಳನ್ನು ಅಭಿವೃದ್ಧಿಪಡಿಸಿ ಎಂದರು. ನಗರ ಬಿಜೆಪಿ ಅಧ್ಯಕ್ಷ ಗಿರಿಧರ್ ಮಾತನಾಡಿ ವಿಧಾನಪರಿಷತ್ ಸದಸ್ಯ ಚಿದಾನಂದ್ ಎಂ.ಗೌಡ ಅವರು ಹಿಂದಿನಿಂದ ಭವಿಷ್ಯದ ದೃಷ್ಟಿಯನ್ನು ಇಟ್ಟುಕೊಂಡು ಸುಮಾರು 100 ವರ್ಷ ಬಾಳಿಕೆ ಬರುವಂತಹ ಸರ್ಕಾರಿ ಶಾಲಾ ಕಟ್ಟಡಗಳನ್ನು ನಿರ್ಮಿಸುತ್ತಿದ್ದಾರೆ. ರಾಜ್ಯದಲ್ಲಿಯೇ ಮಾದರಿ ಶಾಸಕರಾಗಿ ಕೆಲಸ ನಿರ್ವಹಿಸುತ್ತಿದ್ದಾರೆ.

ಅವರಿಗೆ ಶಿರಾ ತಾಲೂಕಿನ ಜನತೆ ಧನ್ಯವಾದಗಳನ್ನು ಸಲ್ಲಿಸುತ್ತೇವೆ ಎಂದ ಅವರು ಚಿದಾನಂದ್ ಎಂ.ಗೌಡ ಅವರ ಹುಟ್ಟು ಹಬ್ಬದ ಪ್ರಯುಕ್ತ ಫೆ. 3 ರಂದು ಬೆಳಿಗ್ಗೆ 9 ಗಂಟೆಗೆ ನಗರದ ದುರ್ಗಮ್ಮ ದೇವಸ್ಥಾನದಲ್ಲಿ ಪೂಜೆ ಸಲ್ಲಿಸಿ ನಂತರ ನಗರದ ತಾಯಿ ಮತ್ತು ಮಕ್ಕಳ ಆಸ್ಪತ್ರೆಯ ರೋಗಿಗಳಿಗೆ ಹಾಲು, ಹಣ್ಣು ಬ್ರೆಡ್ ವಿತರಿಸಲಾಗುವುದು ಹೆಚ್ಚಿನ ಸಂಖ್ಯೆಯಲ್ಲಿ ಕಾರ್ಯಕರ್ತರು ಭಾಗವಹಿಸಿ ಎಂದರು.

ಪತ್ರಿಕಾಗೋಷ್ಠಿಯಲ್ಲಿ ಗ್ರಾಮಾಂತರ ಬಿಜೆಪಿ ಅಧ್ಯಕ್ಷ ಕರಣ್ಣ ಪಟೇಲ್, ನಗರಸಭೆ ಮಾಜಿ ಸದಸ್ಯ ಸತೀಶ್‌ಬೆಟ್ಟ ನಟರಾಜು, ಬಿಜೆಪಿ ಪ್ರಧಾನ ಕಾರ್ಯದರ್ಶಿ ಕೊಟ್ಟ ಡಿಪಿ ರಂಗನಾಥ್, ವಿದ್ಯುತ್ ವೈಶಿಕ ಶಿಕ್ಷಣ ಶಿಕ್ಷಕ ಕುಮಾರ್, ಲಕ್ಷ್ಮಿನಾರಾಯಣ್, ಎಪಿಎಂಸಿ ಮಾಜಿ ಅಧ್ಯಕ್ಷ ಶಿವಕುಮಾರ್, ಗ್ರಾ.ಪಂ. ಸದಸ್ಯರಾದ ಡಿ.ಎಲ್ ಗೌಡ, ಎಂ.ಶಿವಲಿಂಗಯ್ಯ, ಮುಗನಹಳ್ಳಿ ರಾಮು, ಕದ್ದ ಮಂಜುನಾಥ್, ಮಂಜು ಕುಮಾರ್, ನಾಗರತ್ನಮ್ಮ, ಮುಖಂಡರಾದ ನಾರಾಯಣ, ಗುರುಲಿಂಗಪ್ಪ, ವಾಸು, ಮಾಜಿ ಅಧ್ಯಕ್ಷರಾದ ಲಕ್ಷ್ಮಿ ನಾರಾಯಣ್, ಶ್ರೀಧರಮೂರ್ತಿ, ಮಂಜು ಮಲಿಕಾರ್ಜುನ, ಚಿಕ್ಕನಕೋಟೆ ಕರಿಯಣ್ಣ, ಶೈಲಜ್ ಬಾಬಾ, ಗಂಗಾಧರ, ಮಲ್ಲಿಕಾರ್ಜುನ ಸೇರಿದಂತೆ ಹಲವರು ಹಾಜರಿದ್ದರು.
